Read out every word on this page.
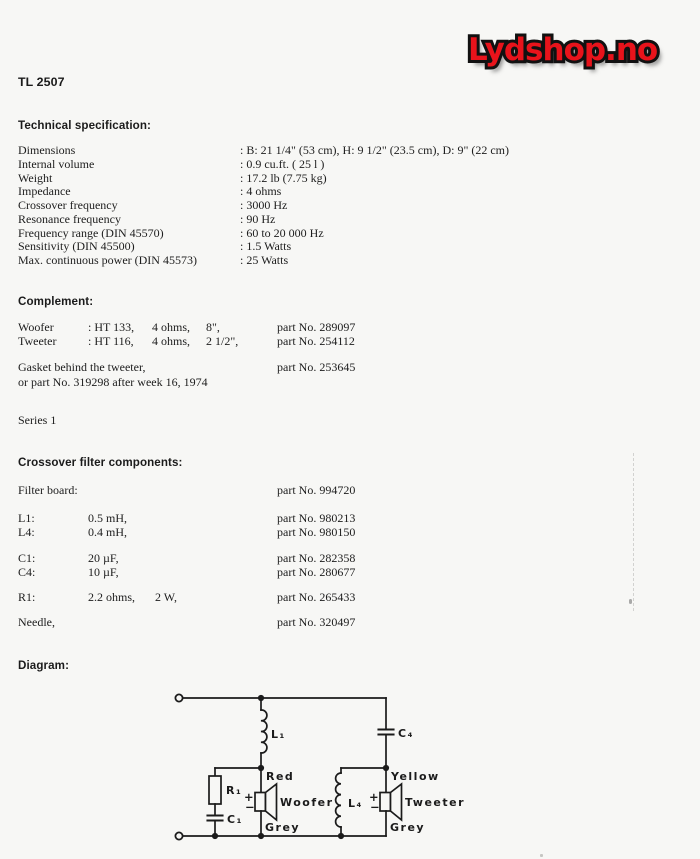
Lydshop.no Lydshop.no
TL 2507
Technical specification:
Dimensions	: B: 21 1/4" (53 cm), H: 9 1/2" (23.5 cm), D: 9" (22 cm)
Internal volume	: 0.9 cu.ft. ( 25 l )
Weight	: 17.2 lb (7.75 kg)
Impedance	: 4 ohms
Crossover frequency	: 3000 Hz
Resonance frequency	: 90 Hz
Frequency range (DIN 45570)	: 60 to 20 000 Hz
Sensitivity (DIN 45500)	: 1.5 Watts
Max. continuous power (DIN 45573)	: 25 Watts
Complement:
Woofer	: HT 133,	4 ohms,	8",	part No. 289097
Tweeter	: HT 116,	4 ohms,	2 1/2",	part No. 254112
Gasket behind the tweeter,	part No. 253645
or part No. 319298 after week 16, 1974
Series 1
Crossover filter components:
Filter board:	part No. 994720
L1:	0.5 mH,	part No. 980213
L4:	0.4 mH,	part No. 980150
C1:	20 µF,	part No. 282358
C4:	10 µF,	part No. 280677
R1:	2.2 ohms,	2 W,	part No. 265433
Needle,	part No. 320497
Diagram:
L₁	C₄
R₁
C₁
L₄
Red	Yellow
Grey	Grey
Woofer	Tweeter
+
−
+
−
